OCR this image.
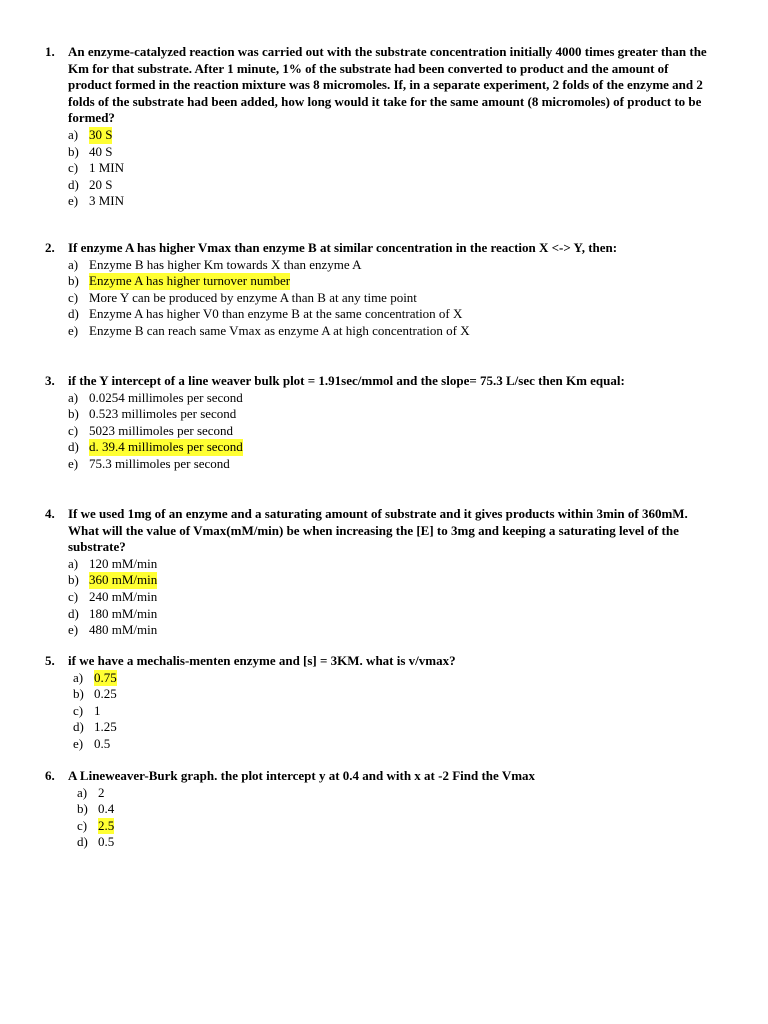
1.	An enzyme-catalyzed reaction was carried out with the substrate concentration initially 4000 times greater than the Km for that substrate. After 1 minute, 1% of the substrate had been converted to product and the amount of product formed in the reaction mixture was 8 micromoles. If, in a separate experiment, 2 folds of the enzyme and 2 folds of the substrate had been added, how long would it take for the same amount (8 micromoles) of product to be formed?
a) 30 S
b) 40 S
c) 1 MIN
d) 20 S
e) 3 MIN
2.	If enzyme A has higher Vmax than enzyme B at similar concentration in the reaction X <-> Y, then:
a) Enzyme B has higher Km towards X than enzyme A
b) Enzyme A has higher turnover number
c) More Y can be produced by enzyme A than B at any time point
d) Enzyme A has higher V0 than enzyme B at the same concentration of X
e) Enzyme B can reach same Vmax as enzyme A at high concentration of X
3.	if the Y intercept of a line weaver bulk plot = 1.91sec/mmol and the slope= 75.3 L/sec then Km equal:
a) 0.0254 millimoles per second
b) 0.523 millimoles per second
c) 5023 millimoles per second
d) d. 39.4 millimoles per second
e) 75.3 millimoles per second
4.	If we used 1mg of an enzyme and a saturating amount of substrate and it gives products within 3min of 360mM. What will the value of Vmax(mM/min) be when increasing the [E] to 3mg and keeping a saturating level of the substrate?
a) 120 mM/min
b) 360 mM/min
c) 240 mM/min
d) 180 mM/min
e) 480 mM/min
5.	if we have a mechalis-menten enzyme and [s] = 3KM. what is v/vmax?
a) 0.75
b) 0.25
c) 1
d) 1.25
e) 0.5
6.	A Lineweaver-Burk graph. the plot intercept y at 0.4 and with x at -2 Find the Vmax
a) 2
b) 0.4
c) 2.5
d) 0.5
